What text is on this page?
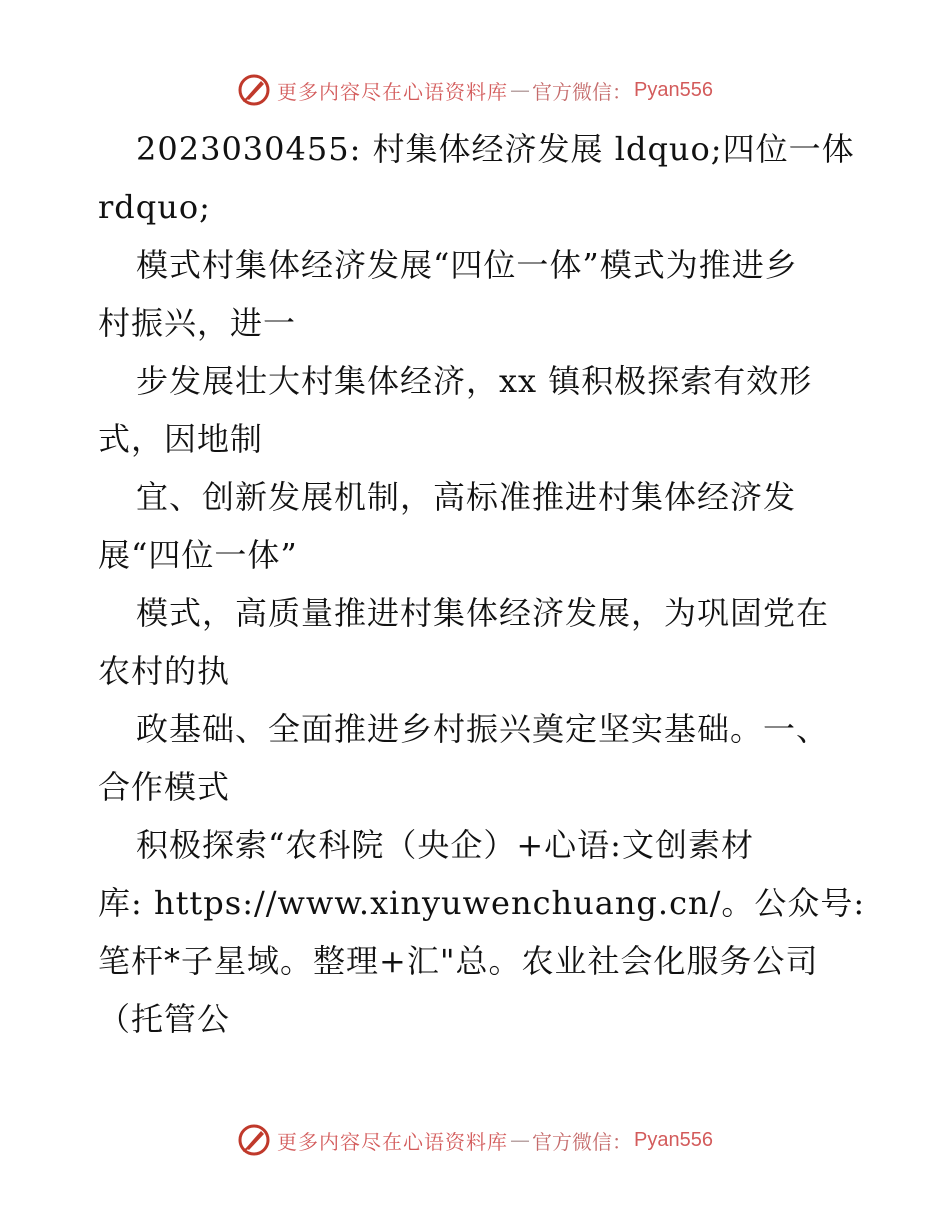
更多内容尽在心语资料库 — 官方微信： Pyan556
2023030455: 村集体经济发展 ldquo;四位一体
rdquo;
模式村集体经济发展“四位一体”模式为推进乡
村振兴，进一
步发展壮大村集体经济，xx 镇积极探索有效形
式，因地制
宜、创新发展机制，高标准推进村集体经济发
展“四位一体”
模式，高质量推进村集体经济发展，为巩固党在
农村的执
政基础、全面推进乡村振兴奠定坚实基础。一、
合作模式
积极探索“农科院（央企）+心语:文创素材
库: https://www.xinyuwenchuang.cn/。公众号:
笔杆*子星域。整理+汇"总。农业社会化服务公司
（托管公
更多内容尽在心语资料库 — 官方微信： Pyan556
